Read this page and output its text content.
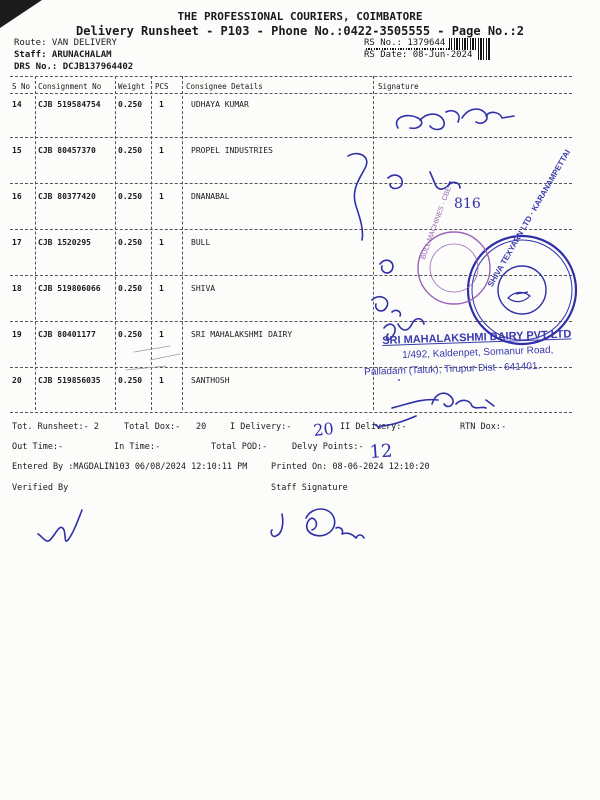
THE PROFESSIONAL COURIERS, COIMBATORE
Delivery Runsheet - P103 - Phone No.:0422-3505555 - Page No.:2
Route: VAN DELIVERY
Staff: ARUNACHALAM
DRS No.: DCJB137964402
RS No.: 1379644
RS Date: 08-Jun-2024
S No Consignment No Weight PCS Consignee Details	Signature
14 CJB 519584754 0.250 1	UDHAYA KUMAR
15 CJB 80457370	0.250 1	PROPEL INDUSTRIES
16 CJB 80377420	0.250 1	DNANABAL
17 CJB 1520295	0.250 1	BULL
18 CJB 519806066 0.250 1	SHIVA
19 CJB 80401177	0.250 1	SRI MAHALAKSHMI DAIRY
20 CJB 519856035 0.250 1	SANTHOSH
Tot. Runsheet:- 2	Total Dox:- 20	I Delivery:-	II Delivery:-	RTN Dox:-
Out Time:-	In Time:-	Total POD:-	Delvy Points:-
Entered By :MAGDALIN103 06/08/2024 12:10:11 PM	Printed On: 08-06-2024 12:10:20
Verified By	Staff Signature
20
12
816
SRI MAHALAKSHMI DAIRY PVT LTD
1/492, Kaldenpet, Somanur Road,
Palladam (Taluk), Tirupur Dist - 641401.
SHIVA TEXYARN LTD · KARANAMPETTAI
BULL MACHINES · CBE
